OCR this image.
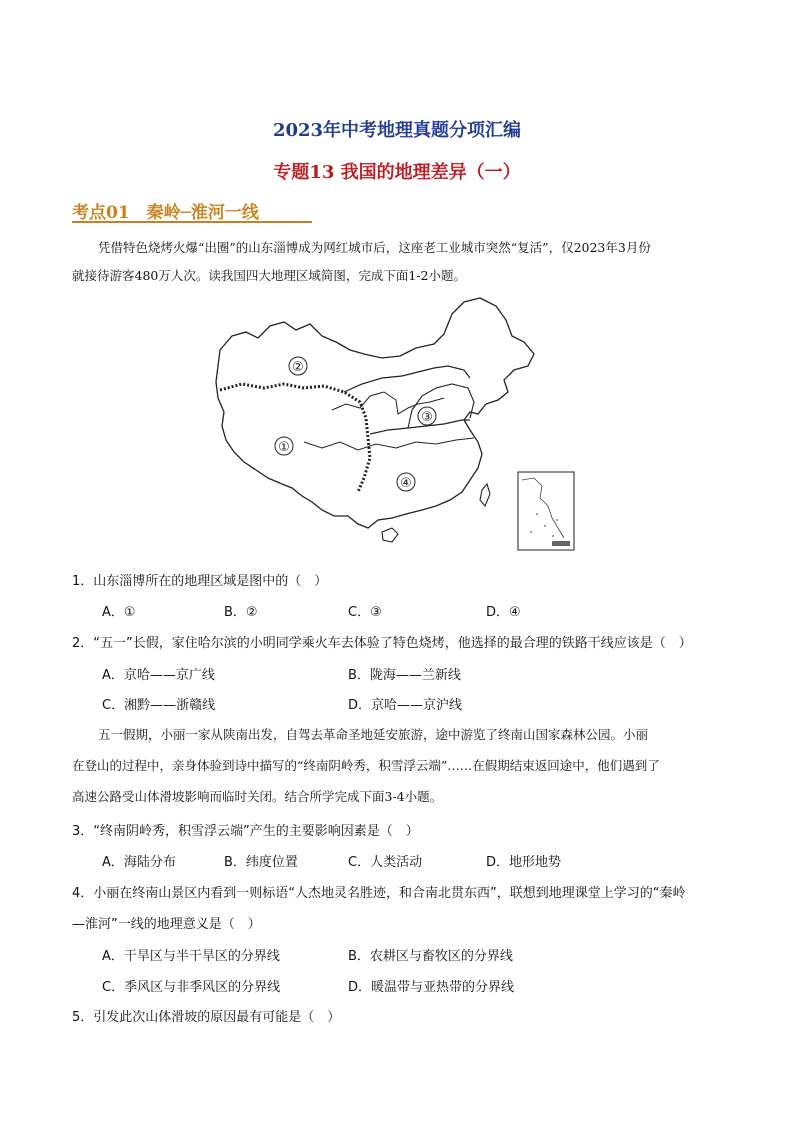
2023年中考地理真题分项汇编
专题13 我国的地理差异（一）
考点01　秦岭─淮河一线
凭借特色烧烤火爆“出圈”的山东淄博成为网红城市后，这座老工业城市突然“复活”，仅2023年3月份
就接待游客480万人次。读我国四大地理区域简图，完成下面1-2小题。
②
①
③
④
1．山东淄博所在的地理区域是图中的（　）
A．①	B．②	C．③	D．④
2．“五一”长假，家住哈尔滨的小明同学乘火车去体验了特色烧烤，他选择的最合理的铁路干线应该是（　）
A．京哈——京广线	B．陇海——兰新线
C．湘黔——浙赣线	D．京哈——京沪线
五一假期，小丽一家从陕南出发，自驾去革命圣地延安旅游，途中游览了终南山国家森林公园。小丽
在登山的过程中，亲身体验到诗中描写的“终南阴岭秀，积雪浮云端”……在假期结束返回途中，他们遇到了
高速公路受山体滑坡影响而临时关闭。结合所学完成下面3-4小题。
3．“终南阴岭秀，积雪浮云端”产生的主要影响因素是（　）
A．海陆分布	B．纬度位置	C．人类活动	D．地形地势
4．小丽在终南山景区内看到一则标语“人杰地灵名胜迹，和合南北贯东西”，联想到地理课堂上学习的“秦岭
—淮河”一线的地理意义是（　）
A．干旱区与半干旱区的分界线	B．农耕区与畜牧区的分界线
C．季风区与非季风区的分界线	D．暖温带与亚热带的分界线
5．引发此次山体滑坡的原因最有可能是（　）
